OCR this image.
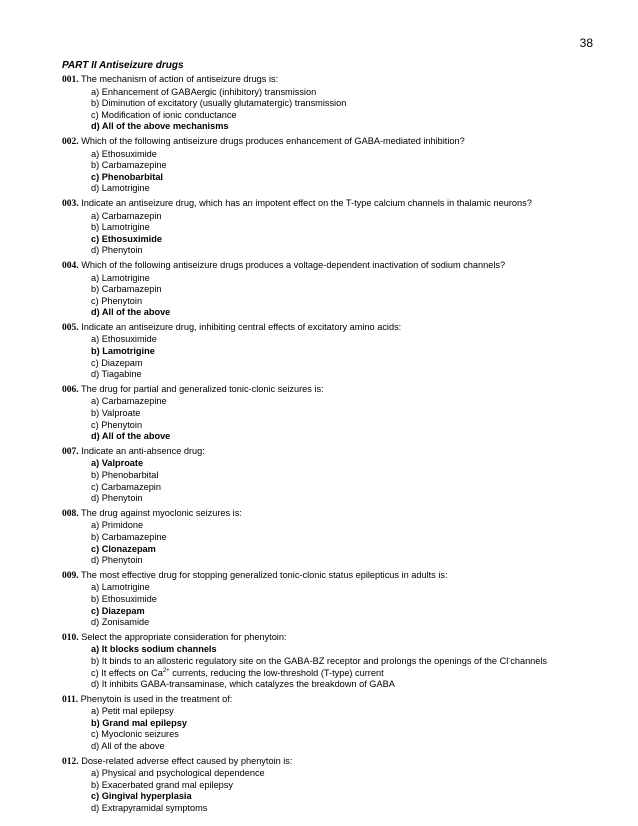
38
PART II Antiseizure drugs
001. The mechanism of action of antiseizure drugs is:
a) Enhancement of GABAergic (inhibitory) transmission
b) Diminution of excitatory (usually glutamatergic) transmission
c) Modification of ionic conductance
d) All of the above mechanisms
002. Which of the following antiseizure drugs produces enhancement of GABA-mediated inhibition?
a) Ethosuximide
b) Carbamazepine
c) Phenobarbital
d) Lamotrigine
003. Indicate an antiseizure drug, which has an impotent effect on the T-type calcium channels in thalamic neurons?
a) Carbamazepin
b) Lamotrigine
c) Ethosuximide
d) Phenytoin
004. Which of the following antiseizure drugs produces a voltage-dependent inactivation of sodium channels?
a) Lamotrigine
b) Carbamazepin
c) Phenytoin
d) All of the above
005. Indicate an antiseizure drug, inhibiting central effects of excitatory amino acids:
a) Ethosuximide
b) Lamotrigine
c) Diazepam
d) Tiagabine
006. The drug for partial and generalized tonic-clonic seizures is:
a) Carbamazepine
b) Valproate
c) Phenytoin
d) All of the above
007. Indicate an anti-absence drug:
a) Valproate
b) Phenobarbital
c) Carbamazepin
d) Phenytoin
008. The drug against myoclonic seizures is:
a) Primidone
b) Carbamazepine
c) Clonazepam
d) Phenytoin
009. The most effective drug for stopping generalized tonic-clonic status epilepticus in adults is:
a) Lamotrigine
b) Ethosuximide
c) Diazepam
d) Zonisamide
010. Select the appropriate consideration for phenytoin:
a) It blocks sodium channels
b) It binds to an allosteric regulatory site on the GABA-BZ receptor and prolongs the openings of the Cl-channels
c) It effects on $Ca^{2+}$ currents, reducing the low-threshold (T-type) current
d) It inhibits GABA-transaminase, which catalyzes the breakdown of GABA
011. Phenytoin is used in the treatment of:
a) Petit mal epilepsy
b) Grand mal epilepsy
c) Myoclonic seizures
d) All of the above
012. Dose-related adverse effect caused by phenytoin is:
a) Physical and psychological dependence
b) Exacerbated grand mal epilepsy
c) Gingival hyperplasia
d) Extrapyramidal symptoms
